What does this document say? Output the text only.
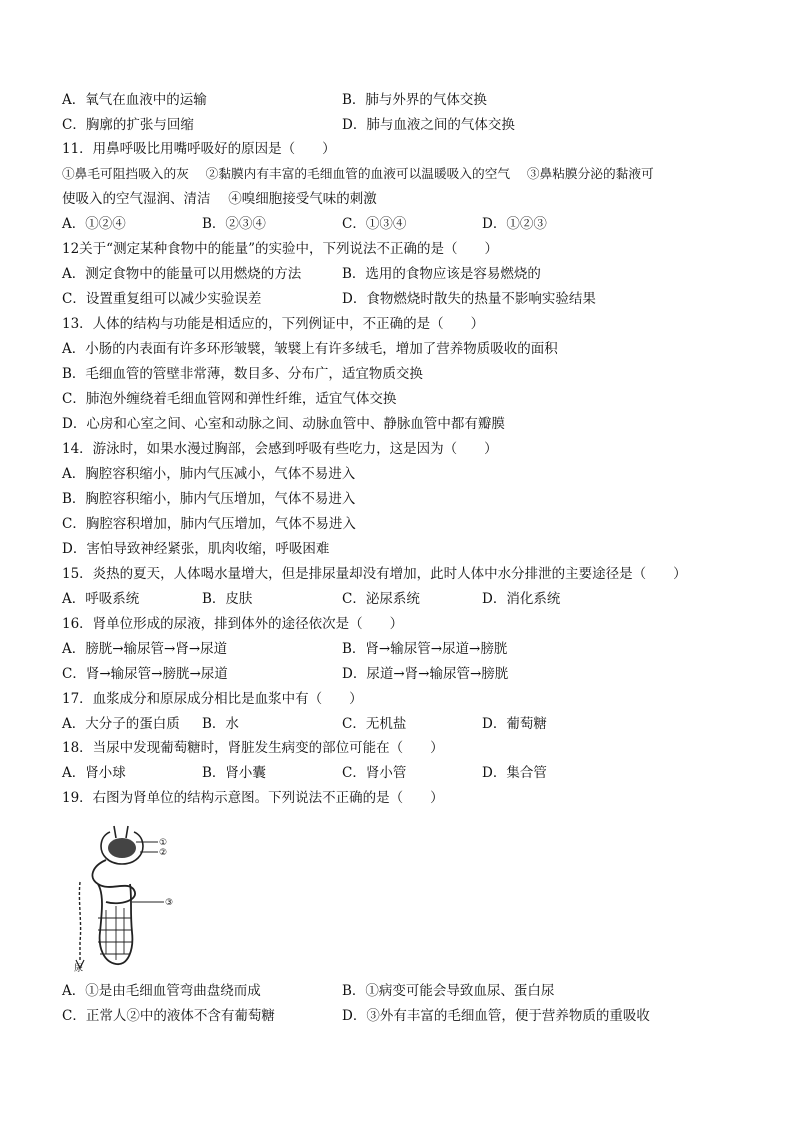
A．氧气在血液中的运输	B．肺与外界的气体交换
C．胸廓的扩张与回缩	D．肺与血液之间的气体交换
11．用鼻呼吸比用嘴呼吸好的原因是（　　）
①鼻毛可阻挡吸入的灰　 ②黏膜内有丰富的毛细血管的血液可以温暖吸入的空气　 ③鼻粘膜分泌的黏液可
使吸入的空气湿润、清洁　 ④嗅细胞接受气味的刺激
A．①②④	B．②③④	C．①③④	D．①②③
12关于“测定某种食物中的能量”的实验中，下列说法不正确的是（　　）
A．测定食物中的能量可以用燃烧的方法	B．选用的食物应该是容易燃烧的
C．设置重复组可以减少实验误差	D．食物燃烧时散失的热量不影响实验结果
13．人体的结构与功能是相适应的，下列例证中，不正确的是（　　）
A．小肠的内表面有许多环形皱襞，皱襞上有许多绒毛，增加了营养物质吸收的面积
B．毛细血管的管壁非常薄，数目多、分布广，适宜物质交换
C．肺泡外缠绕着毛细血管网和弹性纤维，适宜气体交换
D．心房和心室之间、心室和动脉之间、动脉血管中、静脉血管中都有瓣膜
14．游泳时，如果水漫过胸部，会感到呼吸有些吃力，这是因为（　　）
A．胸腔容积缩小，肺内气压减小，气体不易进入
B．胸腔容积缩小，肺内气压增加，气体不易进入
C．胸腔容积增加，肺内气压增加，气体不易进入
D．害怕导致神经紧张，肌肉收缩，呼吸困难
15．炎热的夏天，人体喝水量增大，但是排尿量却没有增加，此时人体中水分排泄的主要途径是（　　）
A．呼吸系统	B．皮肤	C．泌尿系统	D．消化系统
16．肾单位形成的尿液，排到体外的途径依次是（　　）
A．膀胱→输尿管→肾→尿道	B．肾→输尿管→尿道→膀胱
C．肾→输尿管→膀胱→尿道	D．尿道→肾→输尿管→膀胱
17．血浆成分和原尿成分相比是血浆中有（　　）
A．大分子的蛋白质 B．水	C．无机盐	D．葡萄糖
18．当尿中发现葡萄糖时，肾脏发生病变的部位可能在（　　）
A．肾小球	B．肾小囊	C．肾小管	D．集合管
19．右图为肾单位的结构示意图。下列说法不正确的是（　　）
①
②
③
尿
A．①是由毛细血管弯曲盘绕而成	B．①病变可能会导致血尿、蛋白尿
C．正常人②中的液体不含有葡萄糖	D．③外有丰富的毛细血管，便于营养物质的重吸收
